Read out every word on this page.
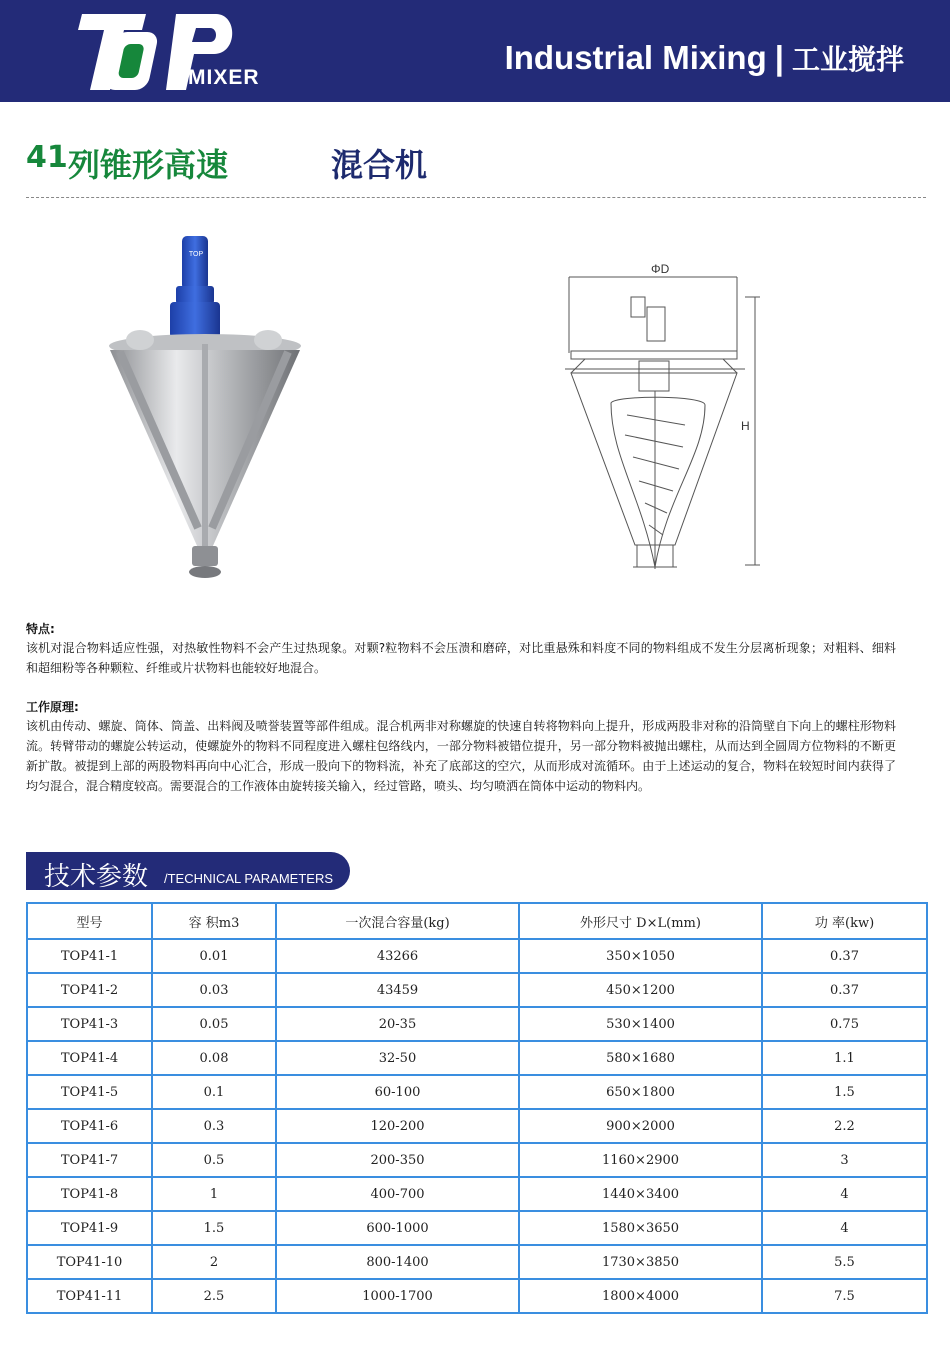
MIXER
Industrial Mixing | 工业搅拌
41 列锥形高速	混合机
TOP
ΦD
H
特点:
该机对混合物料适应性强，对热敏性物料不会产生过热现象。对颗?粒物料不会压溃和磨碎，对比重悬殊和料度不同的物料组成不发生分层离析现象；对粗料、细料和超细粉等各种颗粒、纤维或片状物料也能较好地混合。
工作原理:
该机由传动、螺旋、筒体、筒盖、出料阀及喷誉装置等部件组成。混合机两非对称螺旋的快速自转将物料向上提升，形成两股非对称的沿筒壁自下向上的螺柱形物料流。转臂带动的螺旋公转运动，使螺旋外的物料不同程度进入螺柱包络线内，一部分物料被错位提升，另一部分物料被抛出螺柱，从而达到全圆周方位物料的不断更新扩散。被提到上部的两股物料再向中心汇合，形成一股向下的物料流，补充了底部这的空穴，从而形成对流循环。由于上述运动的复合，物料在较短时间内获得了均匀混合，混合精度较高。需要混合的工作液体由旋转接关输入，经过管路，喷头、均匀喷洒在筒体中运动的物料内。
技术参数 /TECHNICAL PARAMETERS
型号	容 积m3	一次混合容量(kg)	外形尺寸 D×L(mm)	功 率(kw)
TOP41-1	0.01	43266	350×1050	0.37
TOP41-2	0.03	43459	450×1200	0.37
TOP41-3	0.05	20-35	530×1400	0.75
TOP41-4	0.08	32-50	580×1680	1.1
TOP41-5	0.1	60-100	650×1800	1.5
TOP41-6	0.3	120-200	900×2000	2.2
TOP41-7	0.5	200-350	1160×2900	3
TOP41-8	1	400-700	1440×3400	4
TOP41-9	1.5	600-1000	1580×3650	4
TOP41-10	2	800-1400	1730×3850	5.5
TOP41-11	2.5	1000-1700	1800×4000	7.5
